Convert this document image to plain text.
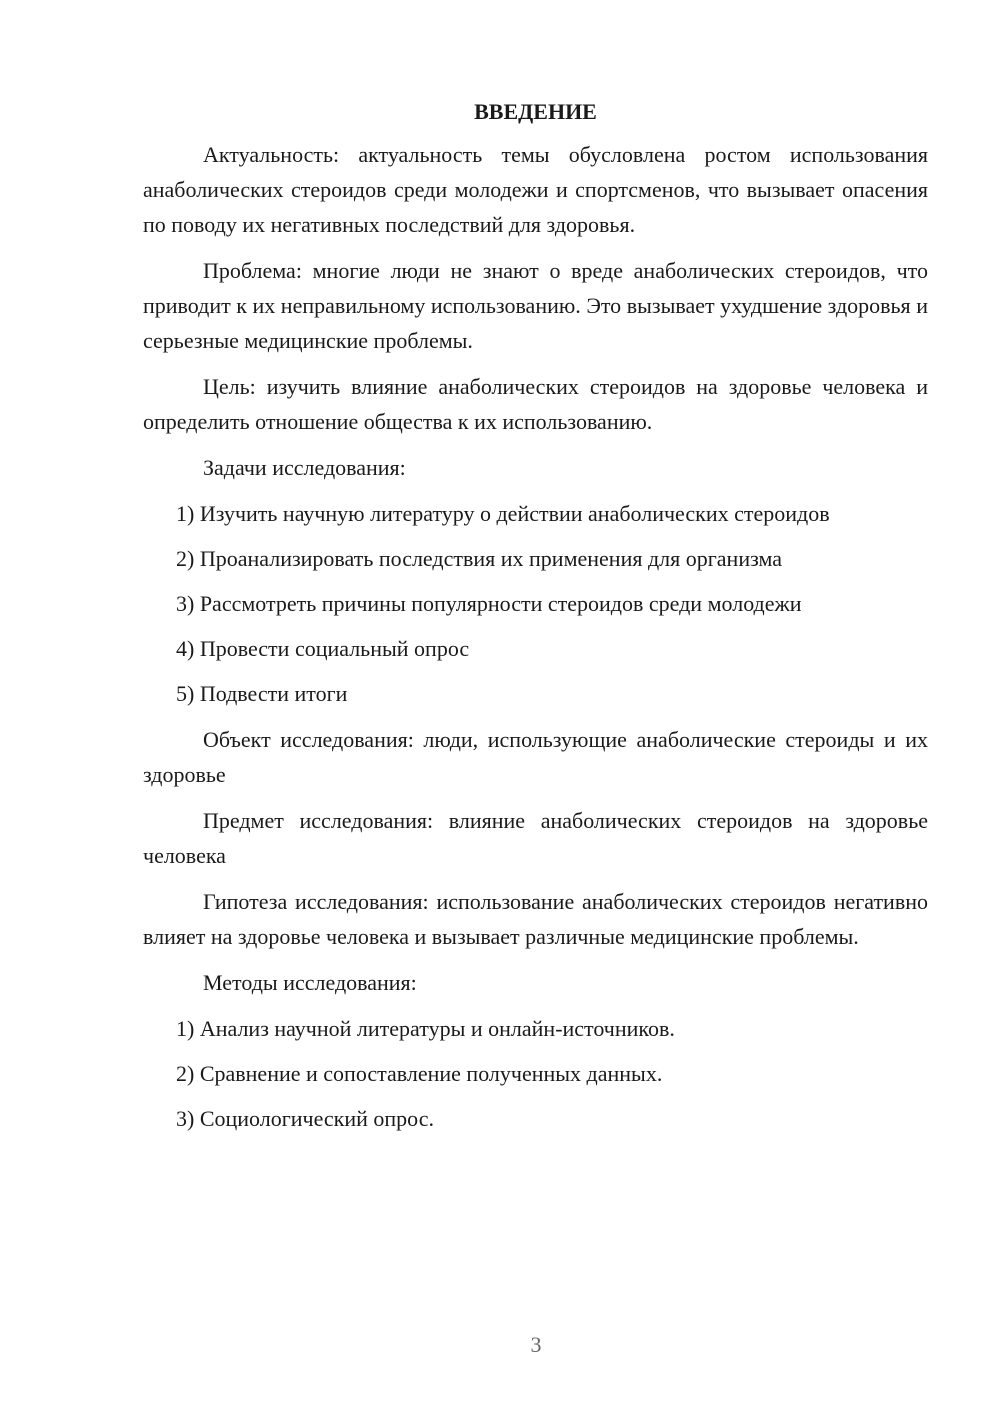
ВВЕДЕНИЕ

Актуальность: актуальность темы обусловлена ростом использования анаболических стероидов среди молодежи и спортсменов, что вызывает опасения по поводу их негативных последствий для здоровья.

Проблема: многие люди не знают о вреде анаболических стероидов, что приводит к их неправильному использованию. Это вызывает ухудшение здоровья и серьезные медицинские проблемы.

Цель: изучить влияние анаболических стероидов на здоровье человека и определить отношение общества к их использованию.

Задачи исследования:

1) Изучить научную литературу о действии анаболических стероидов
2) Проанализировать последствия их применения для организма
3) Рассмотреть причины популярности стероидов среди молодежи
4) Провести социальный опрос
5) Подвести итоги

Объект исследования: люди, использующие анаболические стероиды и их здоровье

Предмет исследования: влияние анаболических стероидов на здоровье человека

Гипотеза исследования: использование анаболических стероидов негативно влияет на здоровье человека и вызывает различные медицинские проблемы.

Методы исследования:

1) Анализ научной литературы и онлайн-источников.
2) Сравнение и сопоставление полученных данных.
3) Социологический опрос.
3
